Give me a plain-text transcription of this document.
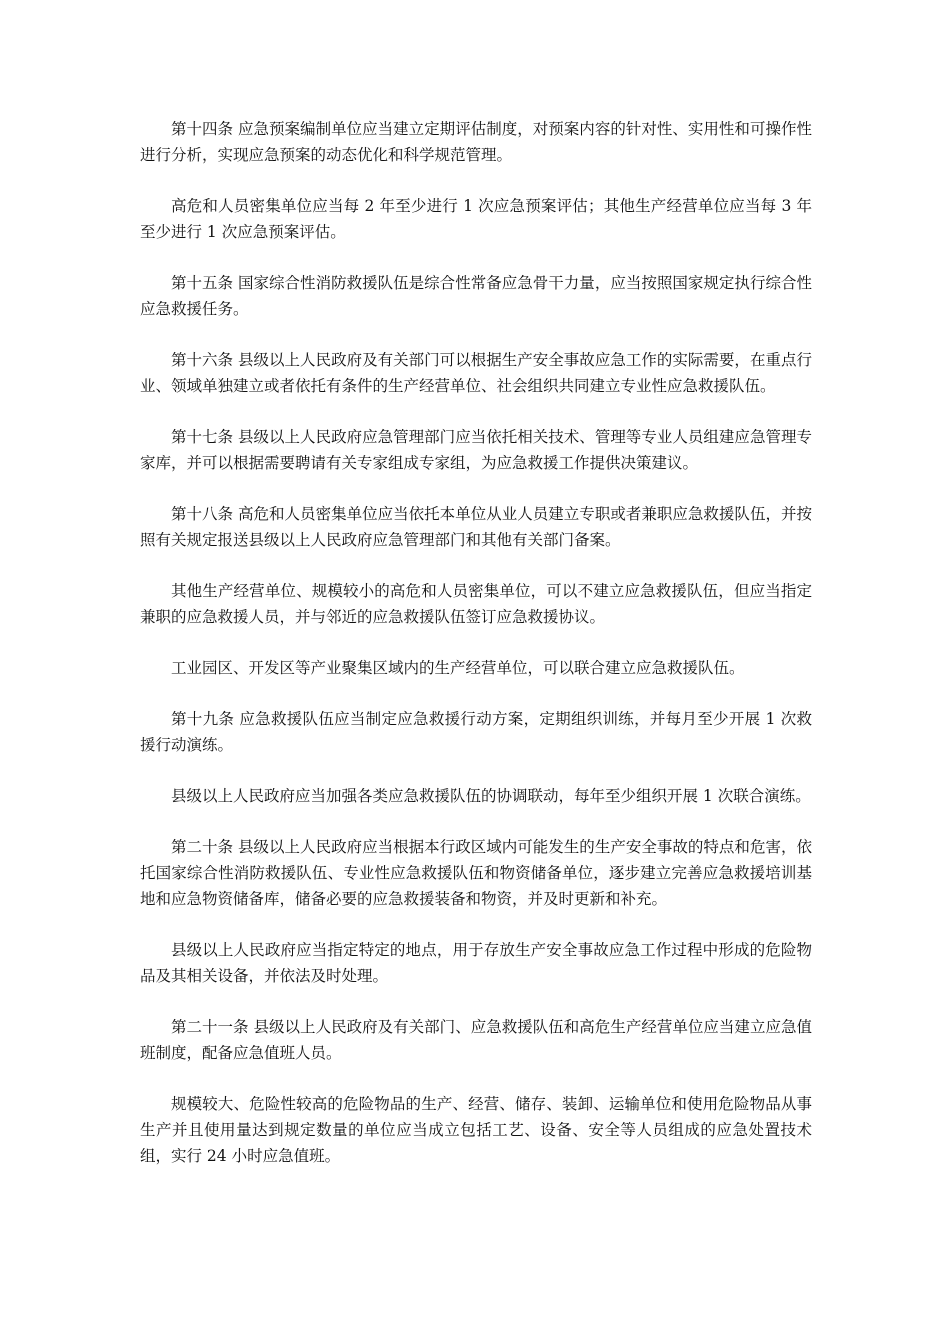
第十四条 应急预案编制单位应当建立定期评估制度，对预案内容的针对性、实用性和可操作性进行分析，实现应急预案的动态优化和科学规范管理。

高危和人员密集单位应当每 2 年至少进行 1 次应急预案评估；其他生产经营单位应当每 3 年至少进行 1 次应急预案评估。

第十五条 国家综合性消防救援队伍是综合性常备应急骨干力量，应当按照国家规定执行综合性应急救援任务。

第十六条 县级以上人民政府及有关部门可以根据生产安全事故应急工作的实际需要，在重点行业、领域单独建立或者依托有条件的生产经营单位、社会组织共同建立专业性应急救援队伍。

第十七条 县级以上人民政府应急管理部门应当依托相关技术、管理等专业人员组建应急管理专家库，并可以根据需要聘请有关专家组成专家组，为应急救援工作提供决策建议。

第十八条 高危和人员密集单位应当依托本单位从业人员建立专职或者兼职应急救援队伍，并按照有关规定报送县级以上人民政府应急管理部门和其他有关部门备案。

其他生产经营单位、规模较小的高危和人员密集单位，可以不建立应急救援队伍，但应当指定兼职的应急救援人员，并与邻近的应急救援队伍签订应急救援协议。

工业园区、开发区等产业聚集区域内的生产经营单位，可以联合建立应急救援队伍。

第十九条 应急救援队伍应当制定应急救援行动方案，定期组织训练，并每月至少开展 1 次救援行动演练。

县级以上人民政府应当加强各类应急救援队伍的协调联动，每年至少组织开展 1 次联合演练。

第二十条 县级以上人民政府应当根据本行政区域内可能发生的生产安全事故的特点和危害，依托国家综合性消防救援队伍、专业性应急救援队伍和物资储备单位，逐步建立完善应急救援培训基地和应急物资储备库，储备必要的应急救援装备和物资，并及时更新和补充。

县级以上人民政府应当指定特定的地点，用于存放生产安全事故应急工作过程中形成的危险物品及其相关设备，并依法及时处理。

第二十一条 县级以上人民政府及有关部门、应急救援队伍和高危生产经营单位应当建立应急值班制度，配备应急值班人员。

规模较大、危险性较高的危险物品的生产、经营、储存、装卸、运输单位和使用危险物品从事生产并且使用量达到规定数量的单位应当成立包括工艺、设备、安全等人员组成的应急处置技术组，实行 24 小时应急值班。
